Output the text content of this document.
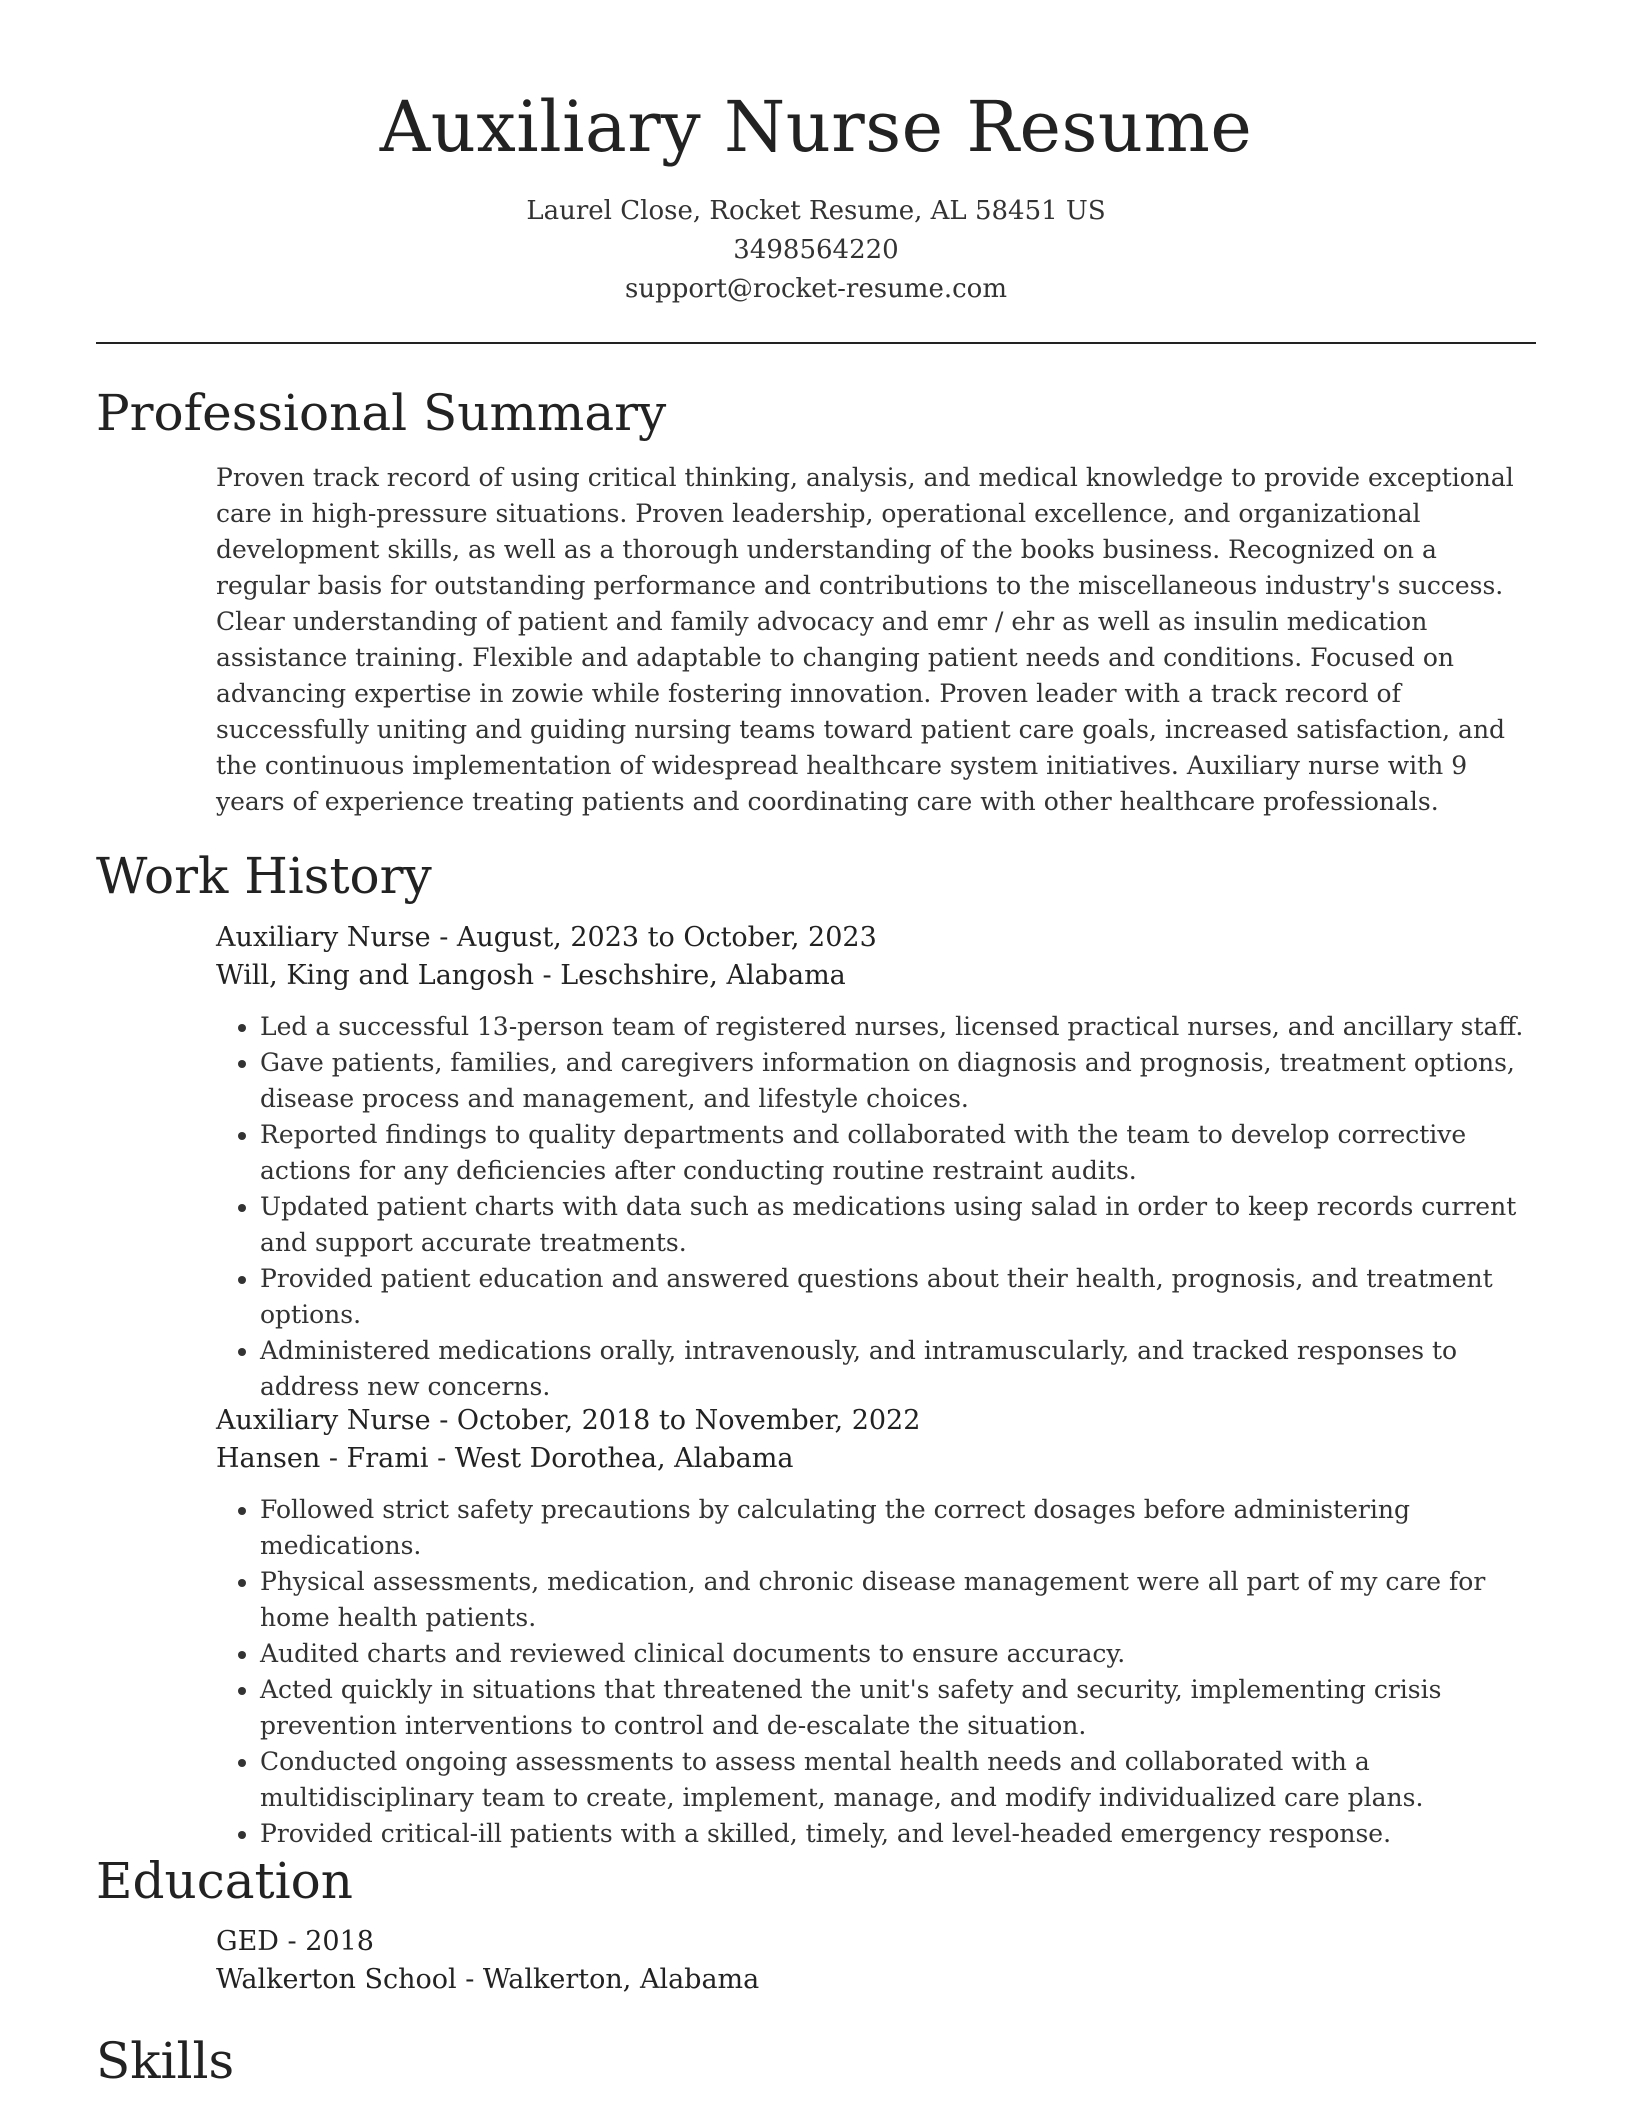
Auxiliary Nurse Resume
Laurel Close, Rocket Resume, AL 58451 US
3498564220
support@rocket-resume.com
Professional Summary
Proven track record of using critical thinking, analysis, and medical knowledge to provide exceptional care in high-pressure situations. Proven leadership, operational excellence, and organizational development skills, as well as a thorough understanding of the books business. Recognized on a regular basis for outstanding performance and contributions to the miscellaneous industry's success. Clear understanding of patient and family advocacy and emr / ehr as well as insulin medication assistance training. Flexible and adaptable to changing patient needs and conditions. Focused on advancing expertise in zowie while fostering innovation. Proven leader with a track record of successfully uniting and guiding nursing teams toward patient care goals, increased satisfaction, and the continuous implementation of widespread healthcare system initiatives. Auxiliary nurse with 9 years of experience treating patients and coordinating care with other healthcare professionals.
Work History
Auxiliary Nurse - August, 2023 to October, 2023
Will, King and Langosh - Leschshire, Alabama
• Led a successful 13-person team of registered nurses, licensed practical nurses, and ancillary staff.
• Gave patients, families, and caregivers information on diagnosis and prognosis, treatment options, disease process and management, and lifestyle choices.
• Reported findings to quality departments and collaborated with the team to develop corrective actions for any deficiencies after conducting routine restraint audits.
• Updated patient charts with data such as medications using salad in order to keep records current and support accurate treatments.
• Provided patient education and answered questions about their health, prognosis, and treatment options.
• Administered medications orally, intravenously, and intramuscularly, and tracked responses to address new concerns.
Auxiliary Nurse - October, 2018 to November, 2022
Hansen - Frami - West Dorothea, Alabama
• Followed strict safety precautions by calculating the correct dosages before administering medications.
• Physical assessments, medication, and chronic disease management were all part of my care for home health patients.
• Audited charts and reviewed clinical documents to ensure accuracy.
• Acted quickly in situations that threatened the unit's safety and security, implementing crisis prevention interventions to control and de-escalate the situation.
• Conducted ongoing assessments to assess mental health needs and collaborated with a multidisciplinary team to create, implement, manage, and modify individualized care plans.
• Provided critical-ill patients with a skilled, timely, and level-headed emergency response.
Education
GED - 2018
Walkerton School - Walkerton, Alabama
Skills
